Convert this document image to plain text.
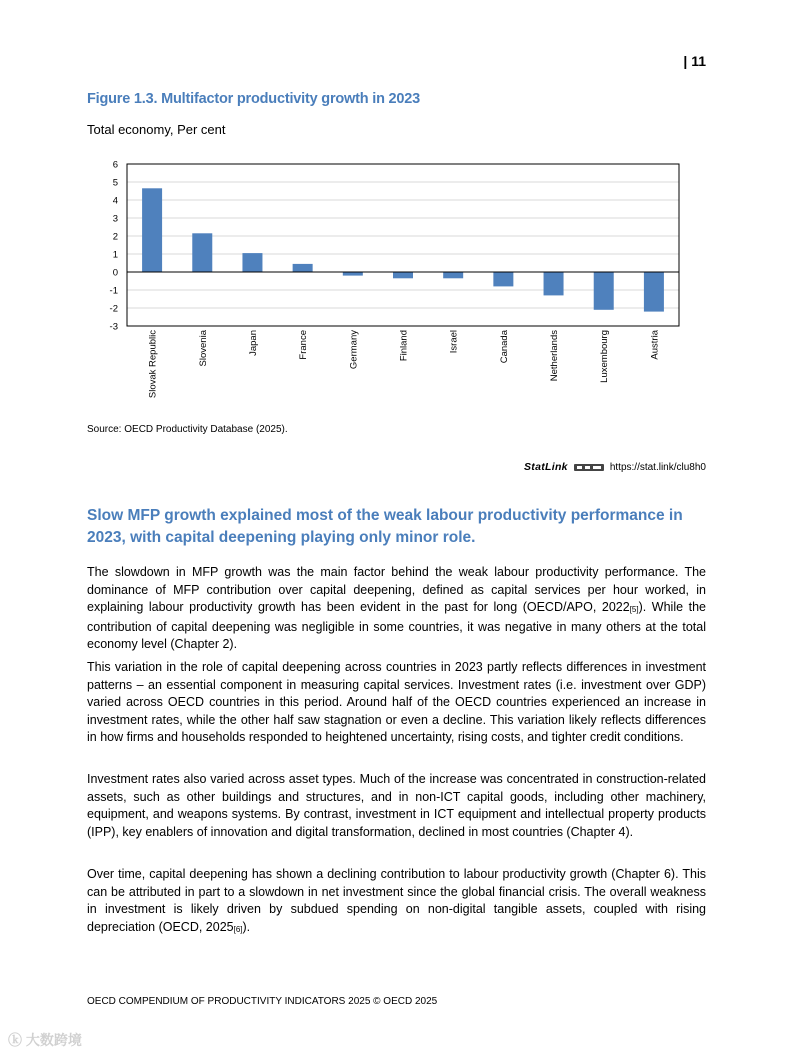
| 11
Figure 1.3. Multifactor productivity growth in 2023
Total economy, Per cent
6
5
4
3
2
1
0
-1
-2
-3
Slovak Republic	Slovenia	Japan	France	Germany	Finland	Israel	Canada	Netherlands	Luxembourg	Austria
Source: OECD Productivity Database (2025).
StatLink	https://stat.link/clu8h0
Slow MFP growth explained most of the weak labour productivity performance in 2023, with capital deepening playing only minor role.
The slowdown in MFP growth was the main factor behind the weak labour productivity performance. The dominance of MFP contribution over capital deepening, defined as capital services per hour worked, in explaining labour productivity growth has been evident in the past for long (OECD/APO, 2022[5]). While the contribution of capital deepening was negligible in some countries, it was negative in many others at the total economy level (Chapter 2).
This variation in the role of capital deepening across countries in 2023 partly reflects differences in investment patterns – an essential component in measuring capital services. Investment rates (i.e. investment over GDP) varied across OECD countries in this period. Around half of the OECD countries experienced an increase in investment rates, while the other half saw stagnation or even a decline. This variation likely reflects differences in how firms and households responded to heightened uncertainty, rising costs, and tighter credit conditions.
Investment rates also varied across asset types. Much of the increase was concentrated in construction-related assets, such as other buildings and structures, and in non-ICT capital goods, including other machinery, equipment, and weapons systems. By contrast, investment in ICT equipment and intellectual property products (IPP), key enablers of innovation and digital transformation, declined in most countries (Chapter 4).
Over time, capital deepening has shown a declining contribution to labour productivity growth (Chapter 6). This can be attributed in part to a slowdown in net investment since the global financial crisis. The overall weakness in investment is likely driven by subdued spending on non-digital tangible assets, coupled with rising depreciation (OECD, 2025[6]).
OECD COMPENDIUM OF PRODUCTIVITY INDICATORS 2025 © OECD 2025
ⓚ 大数跨境
